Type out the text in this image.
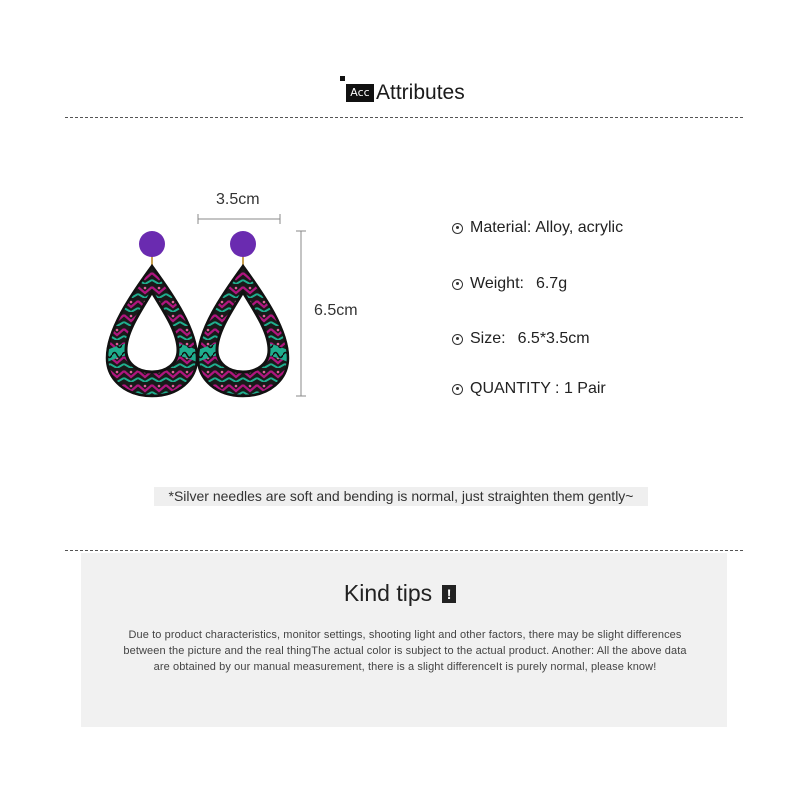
Acc Attributes
3.5cm
6.5cm
Material: Alloy, acrylic
Weight: 6.7g
Size: 6.5*3.5cm
QUANTITY : 1 Pair
*Silver needles are soft and bending is normal, just straighten them gently~
Kind tips	!
Due to product characteristics, monitor settings, shooting light and other factors, there may be slight differences between the picture and the real thingThe actual color is subject to the actual product. Another: All the above data are obtained by our manual measurement, there is a slight differenceIt is purely normal, please know!
